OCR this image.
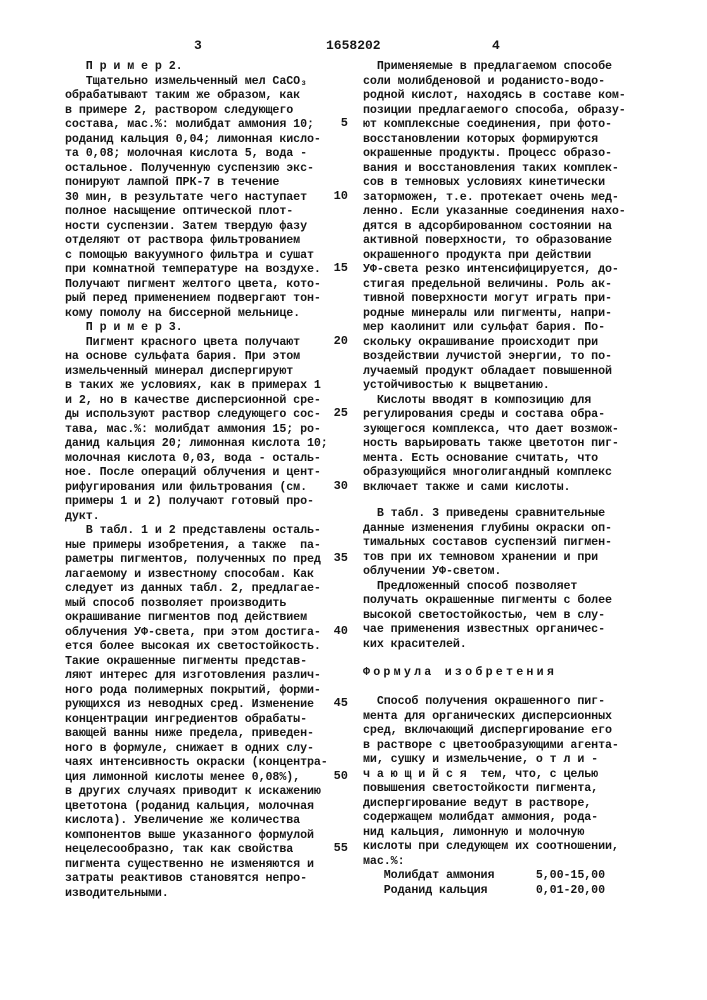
3	1658202	4
П р и м е р 2.
Тщательно измельченный мел CaCO₃
обрабатывают таким же образом, как
в примере 2, раствором следующего
состава, мас.%: молибдат аммония 10;
роданид кальция 0,04; лимонная кисло-
та 0,08; молочная кислота 5, вода -
остальное. Полученную суспензию экс-
понируют лампой ПРК-7 в течение
30 мин, в результате чего наступает
полное насыщение оптической плот-
ности суспензии. Затем твердую фазу
отделяют от раствора фильтрованием
с помощью вакуумного фильтра и сушат
при комнатной температуре на воздухе.
Получают пигмент желтого цвета, кото-
рый перед применением подвергают тон-
кому помолу на биссерной мельнице.
П р и м е р 3.
Пигмент красного цвета получают
на основе сульфата бария. При этом
измельченный минерал диспергируют
в таких же условиях, как в примерах 1
и 2, но в качестве дисперсионной сре-
ды используют раствор следующего сос-
тава, мас.%: молибдат аммония 15; ро-
данид кальция 20; лимонная кислота 10;
молочная кислота 0,03, вода - осталь-
ное. После операций облучения и цент-
рифугирования или фильтрования (см.
примеры 1 и 2) получают готовый про-
дукт.
В табл. 1 и 2 представлены осталь-
ные примеры изобретения, а также  па-
раметры пигментов, полученных по пред
лагаемому и известному способам. Как
следует из данных табл. 2, предлагае-
мый способ позволяет производить
окрашивание пигментов под действием
облучения УФ-света, при этом достига-
ется более высокая их светостойкость.
Такие окрашенные пигменты представ-
ляют интерес для изготовления различ-
ного рода полимерных покрытий, форми-
рующихся из неводных сред. Изменение
концентрации ингредиентов обрабаты-
вающей ванны ниже предела, приведен-
ного в формуле, снижает в одних слу-
чаях интенсивность окраски (концентра-
ция лимонной кислоты менее 0,08%),
в других случаях приводит к искажению
цветотона (роданид кальция, молочная
кислота). Увеличение же количества
компонентов выше указанного формулой
нецелесообразно, так как свойства
пигмента существенно не изменяются и
затраты реактивов становятся непро-
изводительными.
5
10
15
20
25
30
35
40
45
50
55
Применяемые в предлагаемом способе
соли молибденовой и роданисто-водо-
родной кислот, находясь в составе ком-
позиции предлагаемого способа, образу-
ют комплексные соединения, при фото-
восстановлении которых формируются
окрашенные продукты. Процесс образо-
вания и восстановления таких комплек-
сов в темновых условиях кинетически
заторможен, т.е. протекает очень мед-
ленно. Если указанные соединения нахо-
дятся в адсорбированном состоянии на
активной поверхности, то образование
окрашенного продукта при действии
УФ-света резко интенсифицируется, до-
стигая предельной величины. Роль ак-
тивной поверхности могут играть при-
родные минералы или пигменты, напри-
мер каолинит или сульфат бария. По-
скольку окрашивание происходит при
воздействии лучистой энергии, то по-
лучаемый продукт обладает повышенной
устойчивостью к выцветанию.
Кислоты вводят в композицию для
регулирования среды и состава обра-
зующегося комплекса, что дает возмож-
ность варьировать также цветотон пиг-
мента. Есть основание считать, что
образующийся многолигандный комплекс
включает также и сами кислоты.
В табл. 3 приведены сравнительные
данные изменения глубины окраски оп-
тимальных составов суспензий пигмен-
тов при их темновом хранении и при
облучении УФ-светом.
Предложенный способ позволяет
получать окрашенные пигменты с более
высокой светостойкостью, чем в слу-
чае применения известных органичес-
ких красителей.
Формула изобретения
Способ получения окрашенного пиг-
мента для органических дисперсионных
сред, включающий диспергирование его
в растворе с цветообразующими агента-
ми, сушку и измельчение, о т л и -
ч а ю щ и й с я  тем, что, с целью
повышения светостойкости пигмента,
диспергирование ведут в растворе,
содержащем молибдат аммония, рода-
нид кальция, лимонную и молочную
кислоты при следующем их соотношении,
мас.%:
Молибдат аммония      5,00-15,00
Роданид кальция       0,01-20,00
